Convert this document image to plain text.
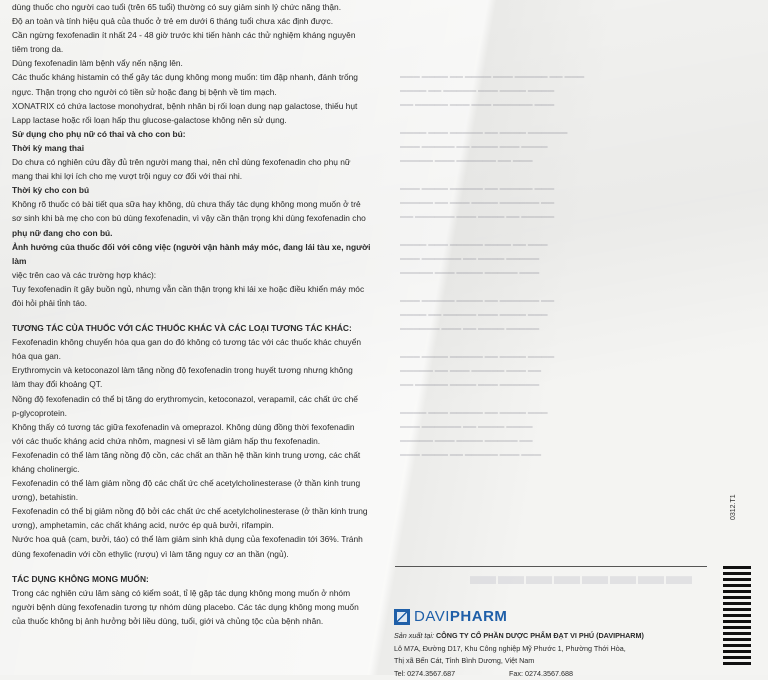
▬▬▬ ▬▬▬▬ ▬▬ ▬▬▬▬ ▬▬▬ ▬▬▬▬▬ ▬▬ ▬▬▬
▬▬▬▬ ▬▬ ▬▬▬▬▬ ▬▬▬ ▬▬▬▬ ▬▬▬▬
▬▬ ▬▬▬▬▬ ▬▬▬ ▬▬▬ ▬▬▬▬▬▬ ▬▬▬

▬▬▬▬ ▬▬▬ ▬▬▬▬▬ ▬▬ ▬▬▬▬ ▬▬▬▬▬▬
▬▬▬ ▬▬▬▬▬ ▬▬ ▬▬▬▬ ▬▬▬ ▬▬▬▬
▬▬▬▬▬ ▬▬▬ ▬▬▬▬▬▬ ▬▬ ▬▬▬

▬▬▬ ▬▬▬▬ ▬▬▬▬▬ ▬▬ ▬▬▬▬▬ ▬▬▬
▬▬▬▬▬ ▬▬ ▬▬▬ ▬▬▬▬ ▬▬▬▬▬▬ ▬▬
▬▬ ▬▬▬▬▬▬ ▬▬▬ ▬▬▬▬ ▬▬ ▬▬▬▬▬

▬▬▬▬ ▬▬▬ ▬▬▬▬▬ ▬▬▬▬ ▬▬ ▬▬▬
▬▬▬ ▬▬▬▬▬▬ ▬▬ ▬▬▬▬ ▬▬▬▬▬
▬▬▬▬▬ ▬▬▬ ▬▬▬▬ ▬▬▬▬▬ ▬▬▬

▬▬▬ ▬▬▬▬▬ ▬▬▬▬ ▬▬ ▬▬▬▬▬▬ ▬▬
▬▬▬▬ ▬▬ ▬▬▬▬▬ ▬▬▬ ▬▬▬▬ ▬▬▬
▬▬▬▬▬▬ ▬▬▬ ▬▬ ▬▬▬▬ ▬▬▬▬▬

▬▬▬ ▬▬▬▬ ▬▬▬▬▬ ▬▬ ▬▬▬▬ ▬▬▬▬
▬▬▬▬▬ ▬▬ ▬▬▬ ▬▬▬▬▬ ▬▬▬ ▬▬
▬▬ ▬▬▬▬▬ ▬▬▬▬ ▬▬▬ ▬▬▬▬▬▬

▬▬▬▬ ▬▬▬ ▬▬▬▬▬ ▬▬ ▬▬▬▬ ▬▬▬
▬▬▬ ▬▬▬▬▬▬ ▬▬ ▬▬▬▬ ▬▬▬▬
▬▬▬▬▬ ▬▬▬ ▬▬▬▬ ▬▬▬▬▬ ▬▬
▬▬▬ ▬▬▬▬ ▬▬ ▬▬▬▬▬ ▬▬▬ ▬▬▬
▬▬▬▬▬▬▬▬

dùng thuốc cho người cao tuổi (trên 65 tuổi) thường có suy giảm sinh lý chức năng thận.

Độ an toàn và tính hiệu quả của thuốc ở trẻ em dưới 6 tháng tuổi chưa xác định được.

Cần ngừng fexofenadin ít nhất 24 - 48 giờ trước khi tiến hành các thử nghiệm kháng nguyên

tiêm trong da.

Dùng fexofenadin làm bệnh vẩy nến nặng lên.

Các thuốc kháng histamin có thể gây tác dụng không mong muốn: tim đập nhanh, đánh trống

ngực. Thận trọng cho người có tiền sử hoặc đang bị bệnh về tim mạch.

XONATRIX có chứa lactose monohydrat, bệnh nhân bị rối loạn dung nạp galactose, thiếu hụt

Lapp lactase hoặc rối loạn hấp thu glucose-galactose không nên sử dụng.

Sử dụng cho phụ nữ có thai và cho con bú:

Thời kỳ mang thai

Do chưa có nghiên cứu đầy đủ trên người mang thai, nên chỉ dùng fexofenadin cho phụ nữ

mang thai khi lợi ích cho mẹ vượt trội nguy cơ đối với thai nhi.

Thời kỳ cho con bú

Không rõ thuốc có bài tiết qua sữa hay không, dù chưa thấy tác dụng không mong muốn ở trẻ

sơ sinh khi bà mẹ cho con bú dùng fexofenadin, vì vậy cần thận trọng khi dùng fexofenadin cho

phụ nữ đang cho con bú.

Ảnh hưởng của thuốc đối với công việc (người vận hành máy móc, đang lái tàu xe, người làm

việc trên cao và các trường hợp khác):

Tuy fexofenadin ít gây buồn ngủ, nhưng vẫn cần thận trọng khi lái xe hoặc điều khiển máy móc

đòi hỏi phải tỉnh táo.

TƯƠNG TÁC CỦA THUỐC VỚI CÁC THUỐC KHÁC VÀ CÁC LOẠI TƯƠNG TÁC KHÁC:

Fexofenadin không chuyển hóa qua gan do đó không có tương tác với các thuốc khác chuyển

hóa qua gan.

Erythromycin và ketoconazol làm tăng nồng độ fexofenadin trong huyết tương nhưng không

làm thay đổi khoảng QT.

Nồng độ fexofenadin có thể bị tăng do erythromycin, ketoconazol, verapamil, các chất ức chế

p-glycoprotein.

Không thấy có tương tác giữa fexofenadin và omeprazol. Không dùng đồng thời fexofenadin

với các thuốc kháng acid chứa nhôm, magnesi vì sẽ làm giảm hấp thu fexofenadin.

Fexofenadin có thể làm tăng nồng độ cồn, các chất an thần hệ thần kinh trung ương, các chất

kháng cholinergic.

Fexofenadin có thể làm giảm nồng độ các chất ức chế acetylcholinesterase (ở thần kinh trung

ương), betahistin.

Fexofenadin có thể bị giảm nồng độ bởi các chất ức chế acetylcholinesterase (ở thần kinh trung

ương), amphetamin, các chất kháng acid, nước ép quả bưởi, rifampin.

Nước hoa quả (cam, bưởi, táo) có thể làm giảm sinh khả dụng của fexofenadin tới 36%. Tránh

dùng fexofenadin với cồn ethylic (rượu) vì làm tăng nguy cơ an thần (ngủ).

TÁC DỤNG KHÔNG MONG MUỐN:

Trong các nghiên cứu lâm sàng có kiểm soát, tỉ lệ gặp tác dụng không mong muốn ở nhóm

người bệnh dùng fexofenadin tương tự nhóm dùng placebo. Các tác dụng không mong muốn

của thuốc không bị ảnh hưởng bởi liều dùng, tuổi, giới và chủng tộc của bệnh nhân.	DAVIPHARM

Sản xuất tại: CÔNG TY CỔ PHẦN DƯỢC PHẨM ĐẠT VI PHÚ (DAVIPHARM)

Lô M7A, Đường D17, Khu Công nghiệp Mỹ Phước 1, Phường Thới Hòa,

Thị xã Bến Cát, Tỉnh Bình Dương, Việt Nam

Tel: 0274.3567.687	Fax: 0274.3567.688

0312.T1
